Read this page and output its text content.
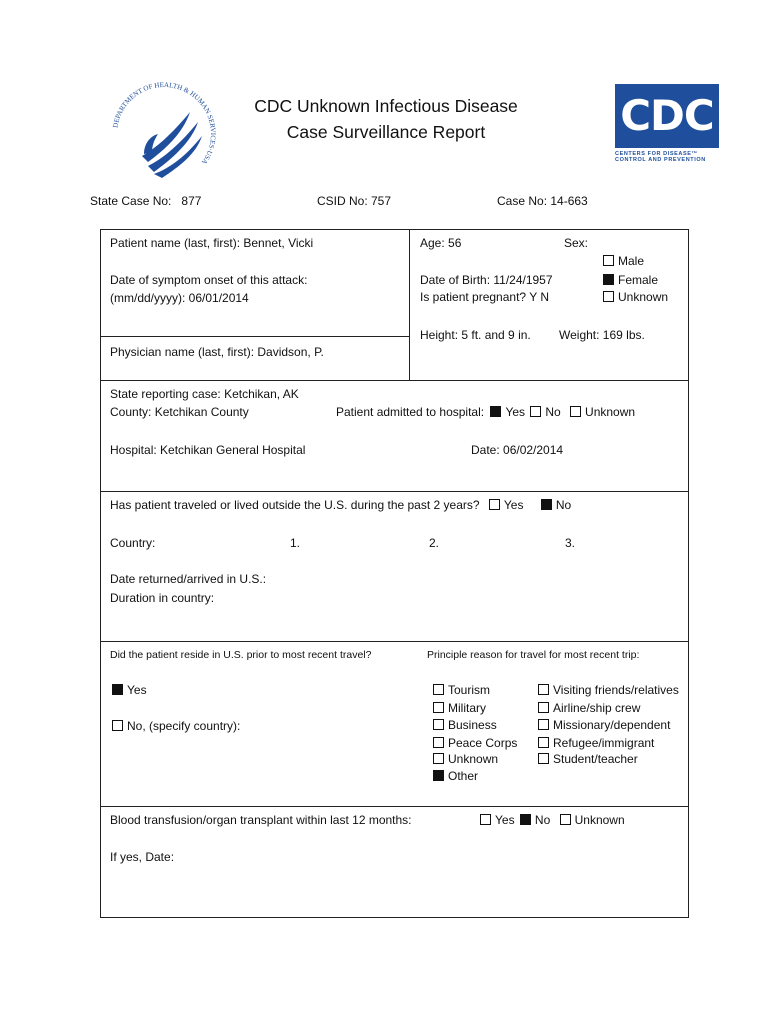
DEPARTMENT OF HEALTH & HUMAN SERVICES·USA
CDC Unknown Infectious Disease
Case Surveillance Report	CDC
CENTERS FOR DISEASE™
CONTROL AND PREVENTION
State Case No: 877	CSID No: 757	Case No: 14-663
Patient name (last, first): Bennet, Vicki
Date of symptom onset of this attack:
(mm/dd/yyyy): 06/01/2014
Physician name (last, first): Davidson, P.
Age: 56	Sex:
Male
Female
Unknown
Date of Birth: 11/24/1957
Is patient pregnant? Y N
Height: 5 ft. and 9 in. Weight: 169 lbs.
State reporting case: Ketchikan, AK
County: Ketchikan County	Patient admitted to hospital: Yes No Unknown
Hospital: Ketchikan General Hospital	Date: 06/02/2014
Has patient traveled or lived outside the U.S. during the past 2 years? Yes	No
Country:	1.	2.	3.
Date returned/arrived in U.S.:
Duration in country:
Did the patient reside in U.S. prior to most recent travel?	Principle reason for travel for most recent trip:
Yes
No, (specify country):
Tourism
Military
Business
Peace Corps
Unknown
Other
Visiting friends/relatives
Airline/ship crew
Missionary/dependent
Refugee/immigrant
Student/teacher
Blood transfusion/organ transplant within last 12 months:	Yes No Unknown
If yes, Date:
